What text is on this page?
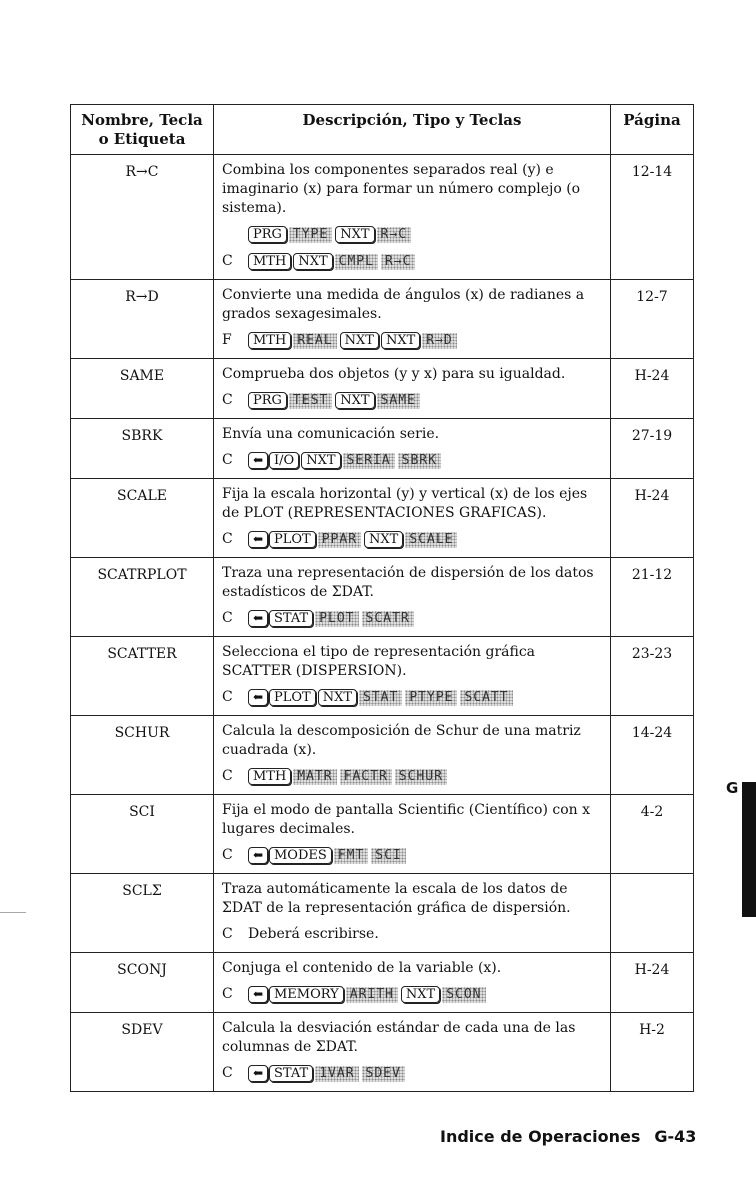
Nombre, Tecla
o Etiqueta	Descripción, Tipo y Teclas	Página
R→C	Combina los componentes separados real (y) e imaginario (x) para formar un número complejo (o sistema).
PRG TYPE NXT R→C
C MTH NXT CMPL R→C	12-14
R→D	Convierte una medida de ángulos (x) de radianes a grados sexagesimales.
F MTH REAL NXT NXT R→D	12-7
SAME	Comprueba dos objetos (y y x) para su igualdad.
C PRG TEST NXT SAME	H-24
SBRK	Envía una comunicación serie.
C ⬅ I/O NXT SERIA SBRK	27-19
SCALE	Fija la escala horizontal (y) y vertical (x) de los ejes de PLOT (REPRESENTACIONES GRAFICAS).
C ⬅ PLOT PPAR NXT SCALE	H-24
SCATRPLOT	Traza una representación de dispersión de los datos estadísticos de ΣDAT.
C ⬅ STAT PLOT SCATR	21-12
SCATTER	Selecciona el tipo de representación gráfica SCATTER (DISPERSION).
C ⬅ PLOT NXT STAT PTYPE SCATT	23-23
SCHUR	Calcula la descomposición de Schur de una matriz cuadrada (x).
C MTH MATR FACTR SCHUR	14-24
SCI	Fija el modo de pantalla Scientific (Científico) con x lugares decimales.
C ⬅ MODES FMT SCI	4-2
SCLΣ	Traza automáticamente la escala de los datos de ΣDAT de la representación gráfica de dispersión.
C Deberá escribirse.	

SCONJ	Conjuga el contenido de la variable (x).
C ⬅ MEMORY ARITH NXT SCON	H-24
SDEV	Calcula la desviación estándar de cada una de las columnas de ΣDAT.
C ⬅ STAT 1VAR SDEV	H-2
Indice de Operaciones G-43
G
